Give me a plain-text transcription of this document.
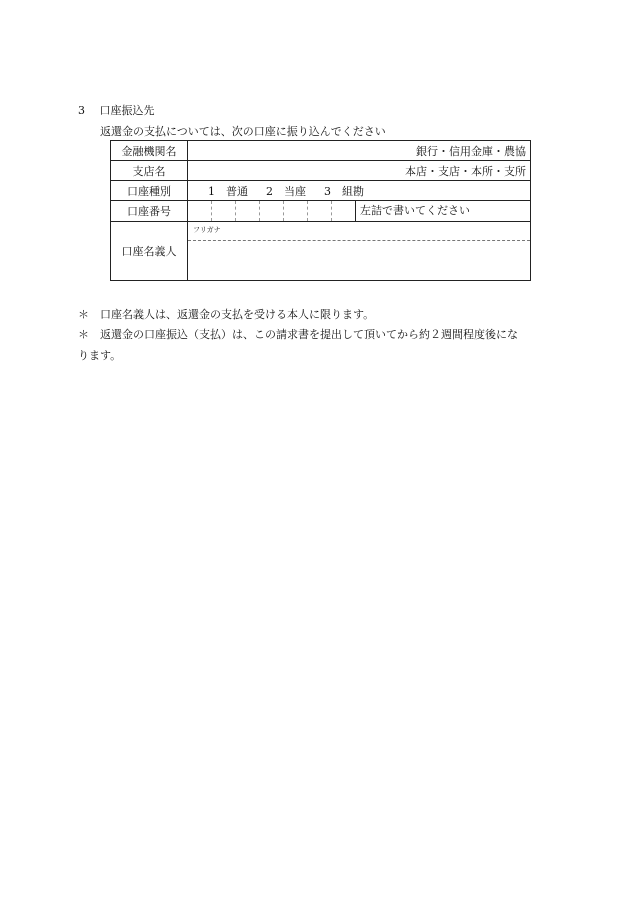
3　 口座振込先
返還金の支払については、次の口座に振り込んでください
金融機関名	銀行・信用金庫・農協
支店名	本店・支店・本所・支所
口座種別	1　普通 2　当座 3　組勘

口座番号	左詰で書いてください

口座名義人	フリガナ
＊　 口座名義人は、返還金の支払を受ける本人に限ります。
＊　 返還金の口座振込（支払）は、この請求書を提出して頂いてから約２週間程度後にな
ります。
